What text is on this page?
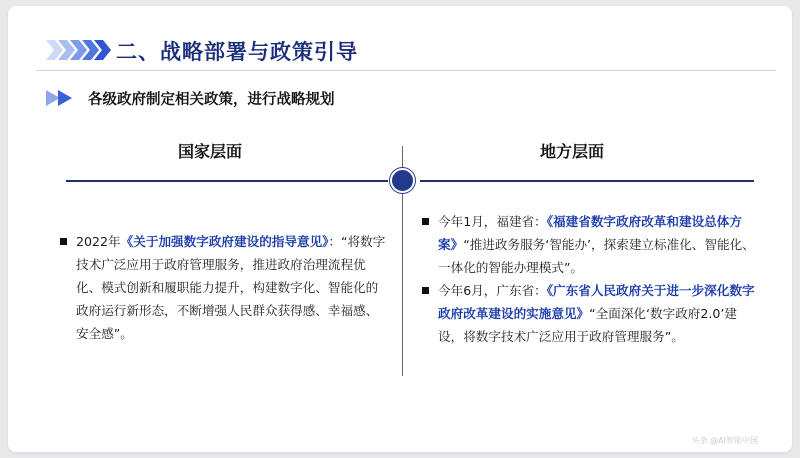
二、战略部署与政策引导
各级政府制定相关政策，进行战略规划
国家层面	地方层面
2022年《关于加强数字政府建设的指导意见》：“将数字技术广泛应用于政府管理服务，推进政府治理流程优化、模式创新和履职能力提升，构建数字化、智能化的政府运行新形态，不断增强人民群众获得感、幸福感、安全感”。
今年1月，福建省：《福建省数字政府改革和建设总体方案》“推进政务服务‘智能办’，探索建立标准化、智能化、一体化的智能办理模式”。
今年6月，广东省：《广东省人民政府关于进一步深化数字政府改革建设的实施意见》“全面深化‘数字政府2.0’建设，将数字技术广泛应用于政府管理服务”。
头条 @AI智能中国
